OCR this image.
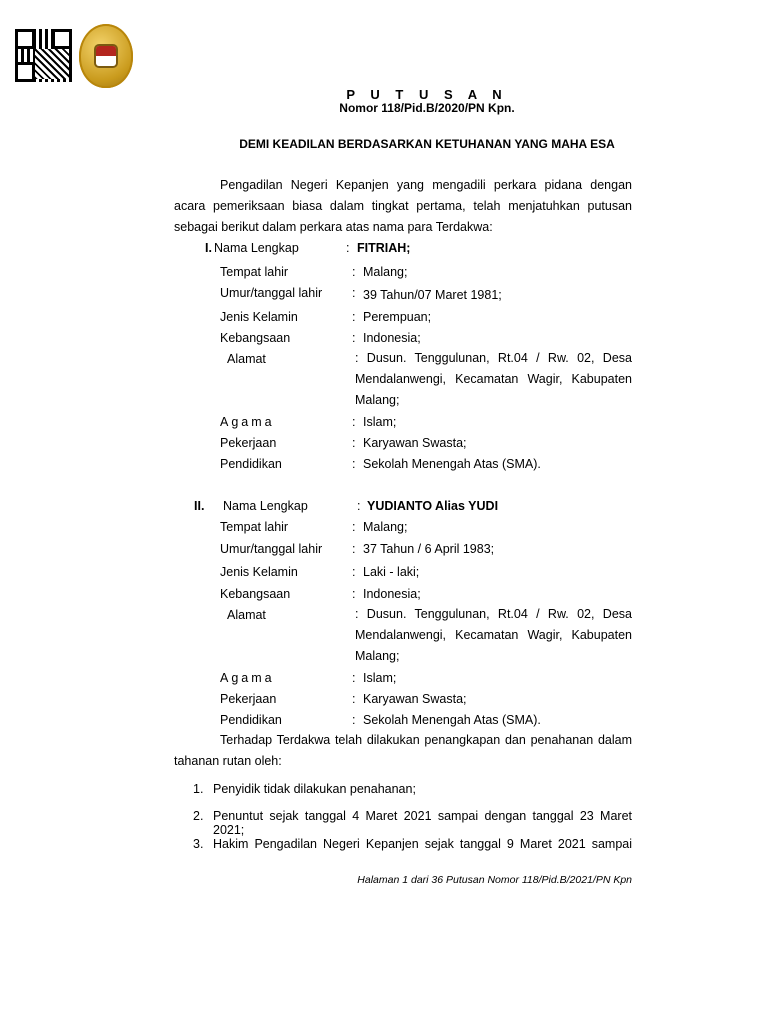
P U T U S A N
Nomor 118/Pid.B/2020/PN Kpn.
DEMI KEADILAN BERDASARKAN KETUHANAN YANG MAHA ESA
Pengadilan Negeri Kepanjen yang mengadili perkara pidana dengan acara pemeriksaan biasa dalam tingkat pertama, telah menjatuhkan putusan sebagai berikut dalam perkara atas nama para Terdakwa:
I. Nama Lengkap	: FITRIAH;
Tempat lahir	: Malang;
Umur/tanggal lahir : 39 Tahun/07 Maret 1981;
Jenis Kelamin	: Perempuan;
Kebangsaan	: Indonesia;
Alamat	: Dusun. Tenggulunan, Rt.04 / Rw. 02, Desa Mendalanwengi, Kecamatan Wagir, Kabupaten Malang;
Agama	: Islam;
Pekerjaan	: Karyawan Swasta;
Pendidikan	: Sekolah Menengah Atas (SMA).
II. Nama Lengkap	: YUDIANTO Alias YUDI
Tempat lahir	: Malang;
Umur/tanggal lahir : 37 Tahun / 6 April 1983;
Jenis Kelamin	: Laki - laki;
Kebangsaan	: Indonesia;
Alamat	: Dusun. Tenggulunan, Rt.04 / Rw. 02, Desa Mendalanwengi, Kecamatan Wagir, Kabupaten Malang;
Agama	: Islam;
Pekerjaan	: Karyawan Swasta;
Pendidikan	: Sekolah Menengah Atas (SMA).
Terhadap Terdakwa telah dilakukan penangkapan dan penahanan dalam tahanan rutan oleh:
1. Penyidik tidak dilakukan penahanan;
2. Penuntut sejak tanggal 4 Maret 2021 sampai dengan tanggal 23 Maret 2021;
3. Hakim Pengadilan Negeri Kepanjen sejak tanggal 9 Maret 2021 sampai
Halaman 1 dari 36 Putusan Nomor 118/Pid.B/2021/PN Kpn
